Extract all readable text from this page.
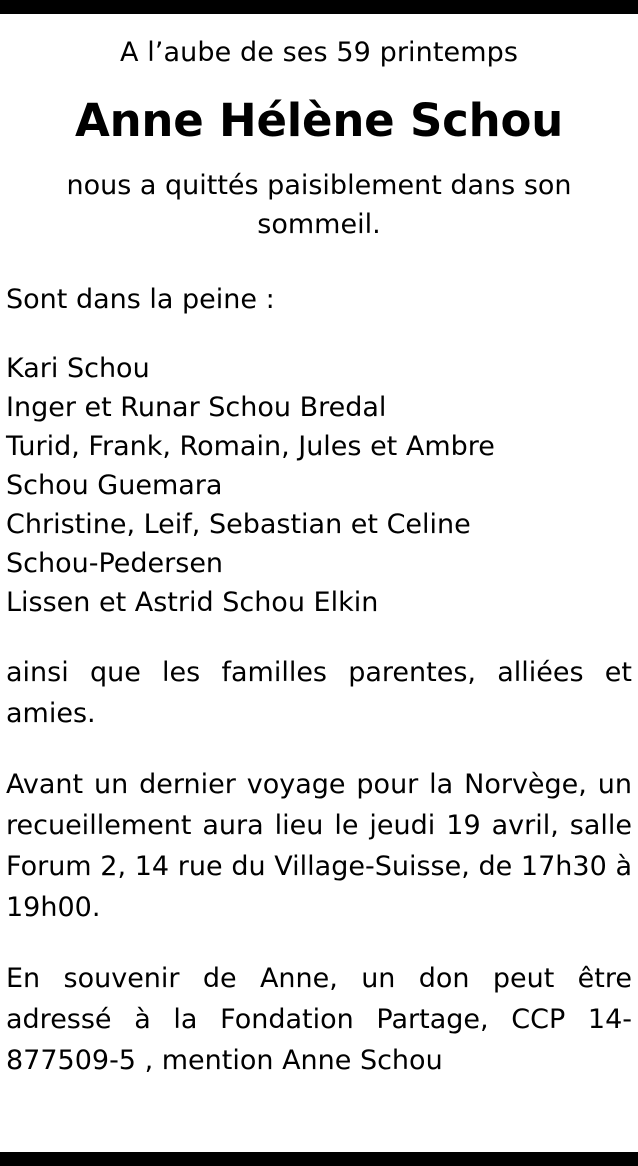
A l’aube de ses 59 printemps
Anne Hélène Schou
nous a quittés paisiblement dans son sommeil.
Sont dans la peine :
Kari Schou
Inger et Runar Schou Bredal
Turid, Frank, Romain, Jules et Ambre
Schou Guemara
Christine, Leif, Sebastian et Celine
Schou-Pedersen
Lissen et Astrid Schou Elkin
ainsi que les familles parentes, alliées et amies.
Avant un dernier voyage pour la Norvège, un recueillement aura lieu le jeudi 19 avril, salle Forum 2, 14 rue du Village-Suisse, de 17h30 à 19h00.
En souvenir de Anne, un don peut être adressé à la Fondation Partage, CCP 14-877509-5 , mention Anne Schou
